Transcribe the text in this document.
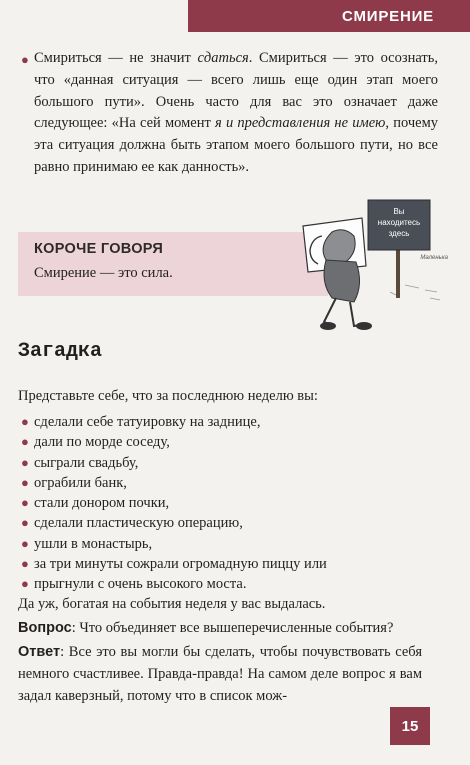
СМИРЕНИЕ
● Смириться — не значит сдаться. Смириться — это осознать, что «данная ситуация — всего лишь еще один этап моего большого пути». Очень часто для вас это означает даже следующее: «На сей момент я и представления не имею, почему эта ситуация должна быть этапом моего большого пути, но все равно принимаю ее как данность».
КОРОЧЕ ГОВОРЯ
Смирение — это сила.
Вы
находитесь
здесь
Маленька
Загадка
Представьте себе, что за последнюю неделю вы:
● сделали себе татуировку на заднице,
● дали по морде соседу,
● сыграли свадьбу,
● ограбили банк,
● стали донором почки,
● сделали пластическую операцию,
● ушли в монастырь,
● за три минуты сожрали огромадную пиццу или
● прыгнули с очень высокого моста.
Да уж, богатая на события неделя у вас выдалась.
Вопрос: Что объединяет все вышеперечисленные события?
Ответ: Все это вы могли бы сделать, чтобы почувствовать себя немного счастливее. Правда-правда! На самом деле вопрос я вам задал каверзный, потому что в список мож-
15
